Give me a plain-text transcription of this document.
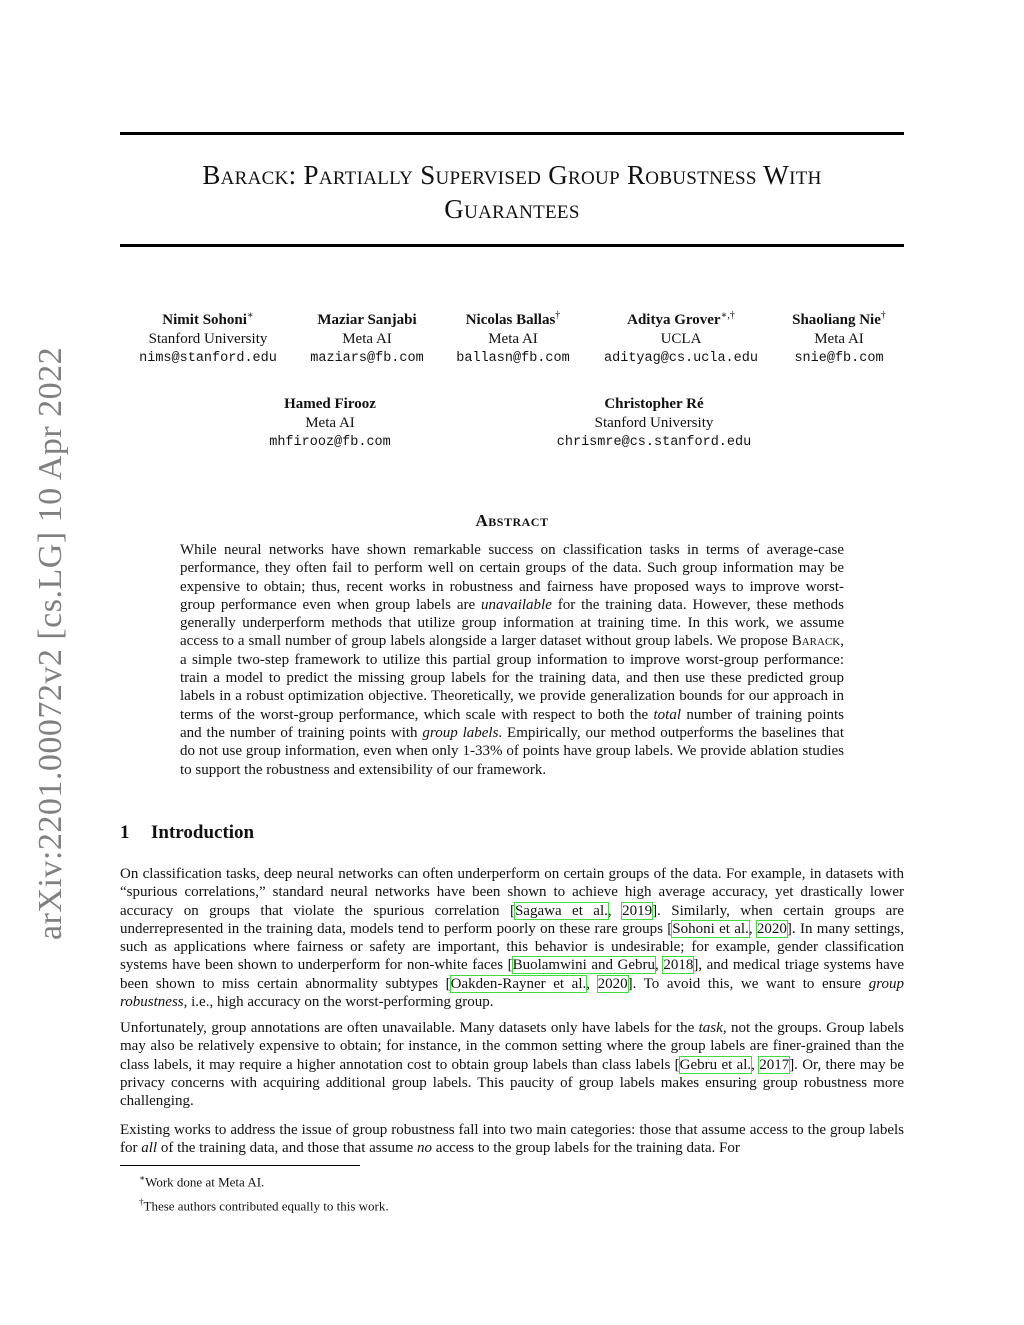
arXiv:2201.00072v2 [cs.LG] 10 Apr 2022
Barack: Partially Supervised Group Robustness With
Guarantees
Nimit Sohoni∗
Stanford University
nims@stanford.edu
Maziar Sanjabi
Meta AI
maziars@fb.com
Nicolas Ballas†
Meta AI
ballasn@fb.com
Aditya Grover∗,†
UCLA
adityag@cs.ucla.edu
Shaoliang Nie†
Meta AI
snie@fb.com
Hamed Firooz
Meta AI
mhfirooz@fb.com
Christopher Ré
Stanford University
chrismre@cs.stanford.edu
Abstract
While neural networks have shown remarkable success on classification tasks in terms of average-case performance, they often fail to perform well on certain groups of the data. Such group information may be expensive to obtain; thus, recent works in robustness and fairness have proposed ways to improve worst-group performance even when group labels are unavailable for the training data. However, these methods generally underperform methods that utilize group information at training time. In this work, we assume access to a small number of group labels alongside a larger dataset without group labels. We propose Barack, a simple two-step framework to utilize this partial group information to improve worst-group performance: train a model to predict the missing group labels for the training data, and then use these predicted group labels in a robust optimization objective. Theoretically, we provide generalization bounds for our approach in terms of the worst-group performance, which scale with respect to both the total number of training points and the number of training points with group labels. Empirically, our method outperforms the baselines that do not use group information, even when only 1-33% of points have group labels. We provide ablation studies to support the robustness and extensibility of our framework.
1 Introduction

On classification tasks, deep neural networks can often underperform on certain groups of the data. For example, in datasets with “spurious correlations,” standard neural networks have been shown to achieve high average accuracy, yet drastically lower accuracy on groups that violate the spurious correlation [Sagawa et al., 2019]. Similarly, when certain groups are underrepresented in the training data, models tend to perform poorly on these rare groups [Sohoni et al., 2020]. In many settings, such as applications where fairness or safety are important, this behavior is undesirable; for example, gender classification systems have been shown to underperform for non-white faces [Buolamwini and Gebru, 2018], and medical triage systems have been shown to miss certain abnormality subtypes [Oakden-Rayner et al., 2020]. To avoid this, we want to ensure group robustness, i.e., high accuracy on the worst-performing group.

Unfortunately, group annotations are often unavailable. Many datasets only have labels for the task, not the groups. Group labels may also be relatively expensive to obtain; for instance, in the common setting where the group labels are finer-grained than the class labels, it may require a higher annotation cost to obtain group labels than class labels [Gebru et al., 2017]. Or, there may be privacy concerns with acquiring additional group labels. This paucity of group labels makes ensuring group robustness more challenging.

Existing works to address the issue of group robustness fall into two main categories: those that assume access to the group labels for all of the training data, and those that assume no access to the group labels for the training data. For

∗Work done at Meta AI.
†These authors contributed equally to this work.
